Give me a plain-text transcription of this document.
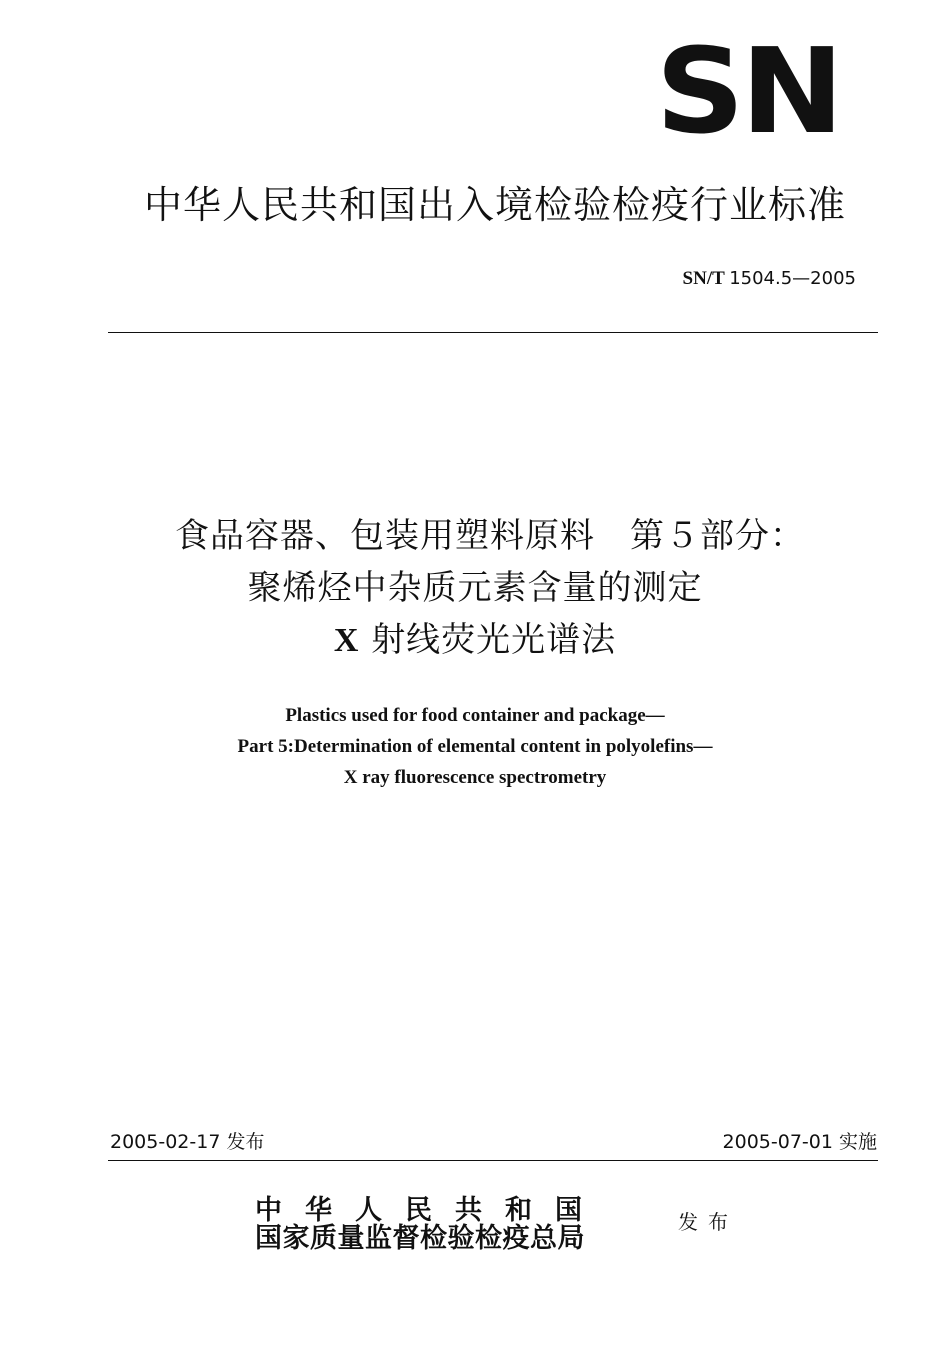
SN
中华人民共和国出入境检验检疫行业标准
SN/T 1504.5—2005
食品容器、包装用塑料原料　第５部分：
聚烯烃中杂质元素含量的测定
X 射线荧光光谱法
Plastics used for food container and package—
Part 5:Determination of elemental content in polyolefins—
X ray fluorescence spectrometry
2005-02-17 发布	2005-07-01 实施
中华人民共和国
国家质量监督检验检疫总局
发布
